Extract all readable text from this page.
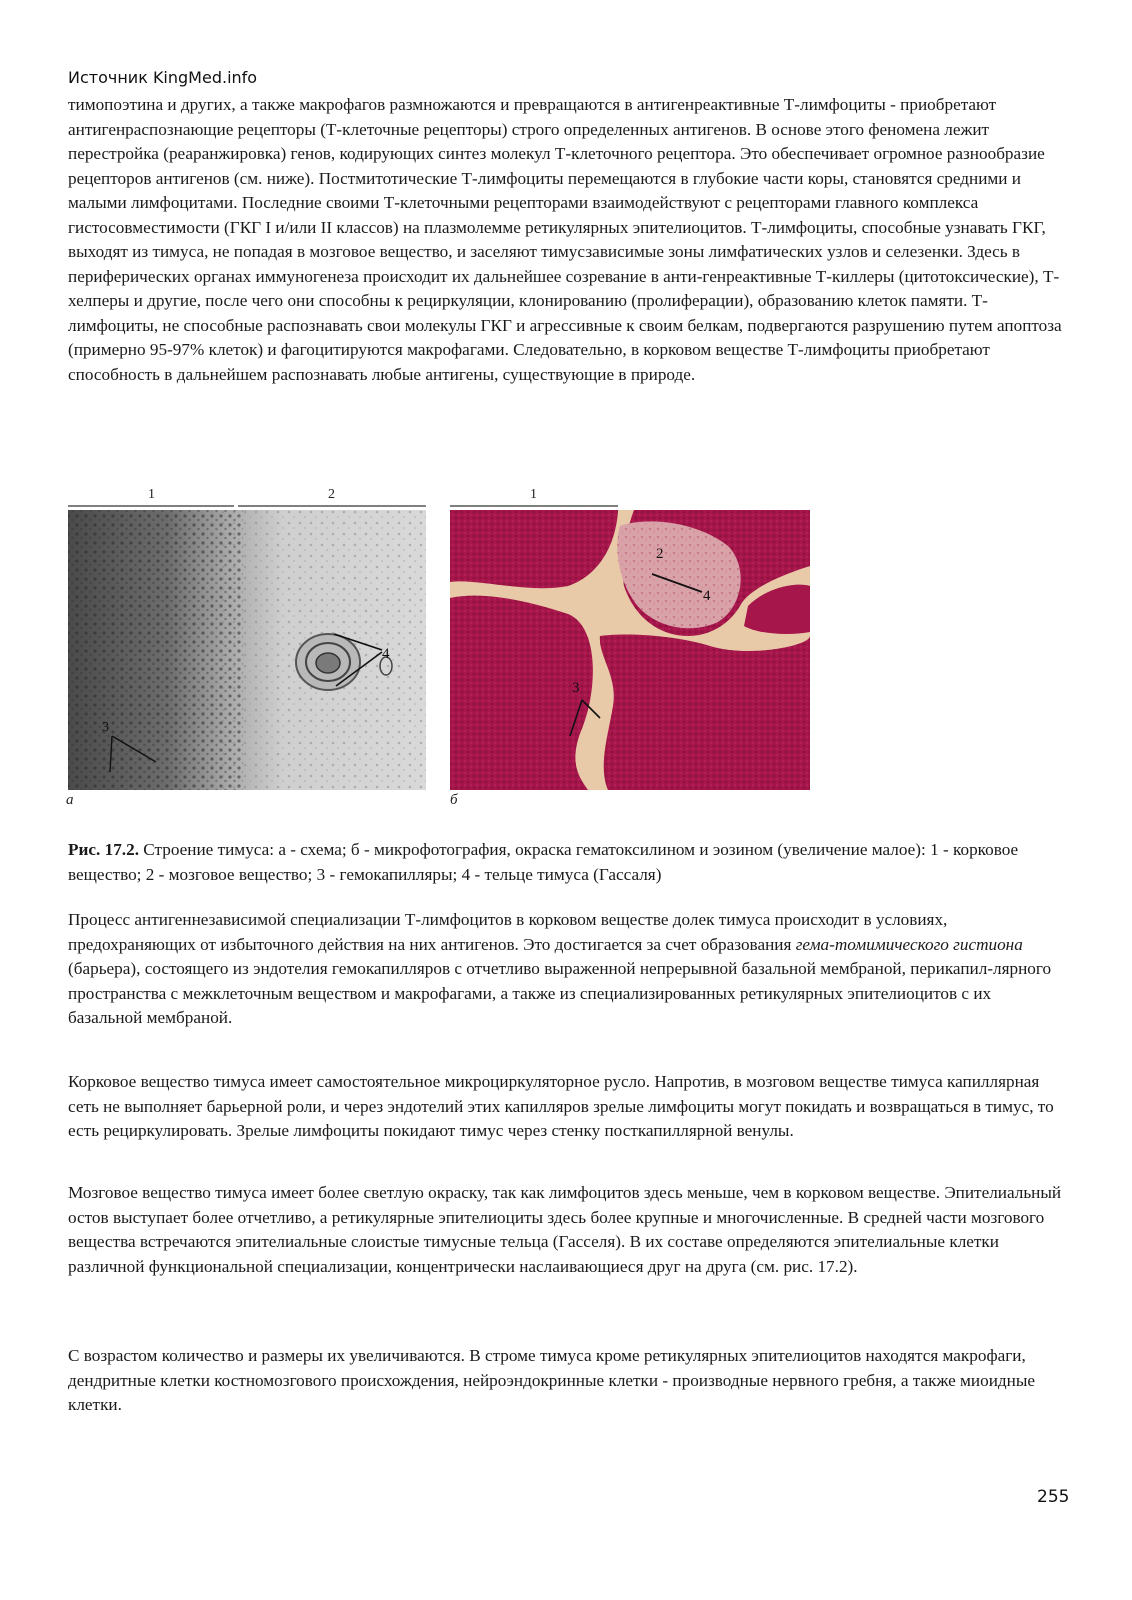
Источник KingMed.info

тимопоэтина и других, а также макрофагов размножаются и превращаются в антигенреактивные Т-лимфоциты - приобретают антигенраспознающие рецепторы (Т-клеточные рецепторы) строго определенных антигенов. В основе этого феномена лежит перестройка (реаранжировка) генов, кодирующих синтез молекул Т-клеточного рецептора. Это обеспечивает огромное разнообразие рецепторов антигенов (см. ниже). Постмитотические Т-лимфоциты перемещаются в глубокие части коры, становятся средними и малыми лимфоцитами. Последние своими Т-клеточными рецепторами взаимодействуют с рецепторами главного комплекса гистосовместимости (ГКГ I и/или II классов) на плазмолемме ретикулярных эпителиоцитов. Т-лимфоциты, способные узнавать ГКГ, выходят из тимуса, не попадая в мозговое вещество, и заселяют тимусзависимые зоны лимфатических узлов и селезенки. Здесь в периферических органах иммуногенеза происходит их дальнейшее созревание в анти-генреактивные Т-киллеры (цитотоксические), Т-хелперы и другие, после чего они способны к рециркуляции, клонированию (пролиферации), образованию клеток памяти. Т-лимфоциты, не способные распознавать свои молекулы ГКГ и агрессивные к своим белкам, подвергаются разрушению путем апоптоза (примерно 95-97% клеток) и фагоцитируются макрофагами. Следовательно, в корковом веществе Т-лимфоциты приобретают способность в дальнейшем распознавать любые антигены, существующие в природе.

1	2
4
3
а
1
2
4
3
б

Рис. 17.2. Строение тимуса: а - схема; б - микрофотография, окраска гематоксилином и эозином (увеличение малое): 1 - корковое вещество; 2 - мозговое вещество; 3 - гемокапилляры; 4 - тельце тимуса (Гассаля)

Процесс антигеннезависимой специализации Т-лимфоцитов в корковом веществе долек тимуса происходит в условиях, предохраняющих от избыточного действия на них антигенов. Это достигается за счет образования гема-томимического гистиона (барьера), состоящего из эндотелия гемокапилляров с отчетливо выраженной непрерывной базальной мембраной, перикапил-лярного пространства с межклеточным веществом и макрофагами, а также из специализированных ретикулярных эпителиоцитов с их базальной мембраной.

Корковое вещество тимуса имеет самостоятельное микроциркуляторное русло. Напротив, в мозговом веществе тимуса капиллярная сеть не выполняет барьерной роли, и через эндотелий этих капилляров зрелые лимфоциты могут покидать и возвращаться в тимус, то есть рециркулировать. Зрелые лимфоциты покидают тимус через стенку посткапиллярной венулы.

Мозговое вещество тимуса имеет более светлую окраску, так как лимфоцитов здесь меньше, чем в корковом веществе. Эпителиальный остов выступает более отчетливо, а ретикулярные эпителиоциты здесь более крупные и многочисленные. В средней части мозгового вещества встречаются эпителиальные слоистые тимусные тельца (Гасселя). В их составе определяются эпителиальные клетки различной функциональной специализации, концентрически наслаивающиеся друг на друга (см. рис. 17.2).

С возрастом количество и размеры их увеличиваются. В строме тимуса кроме ретикулярных эпителиоцитов находятся макрофаги, дендритные клетки костномозгового происхождения, нейроэндокринные клетки - производные нервного гребня, а также миоидные клетки.

255
